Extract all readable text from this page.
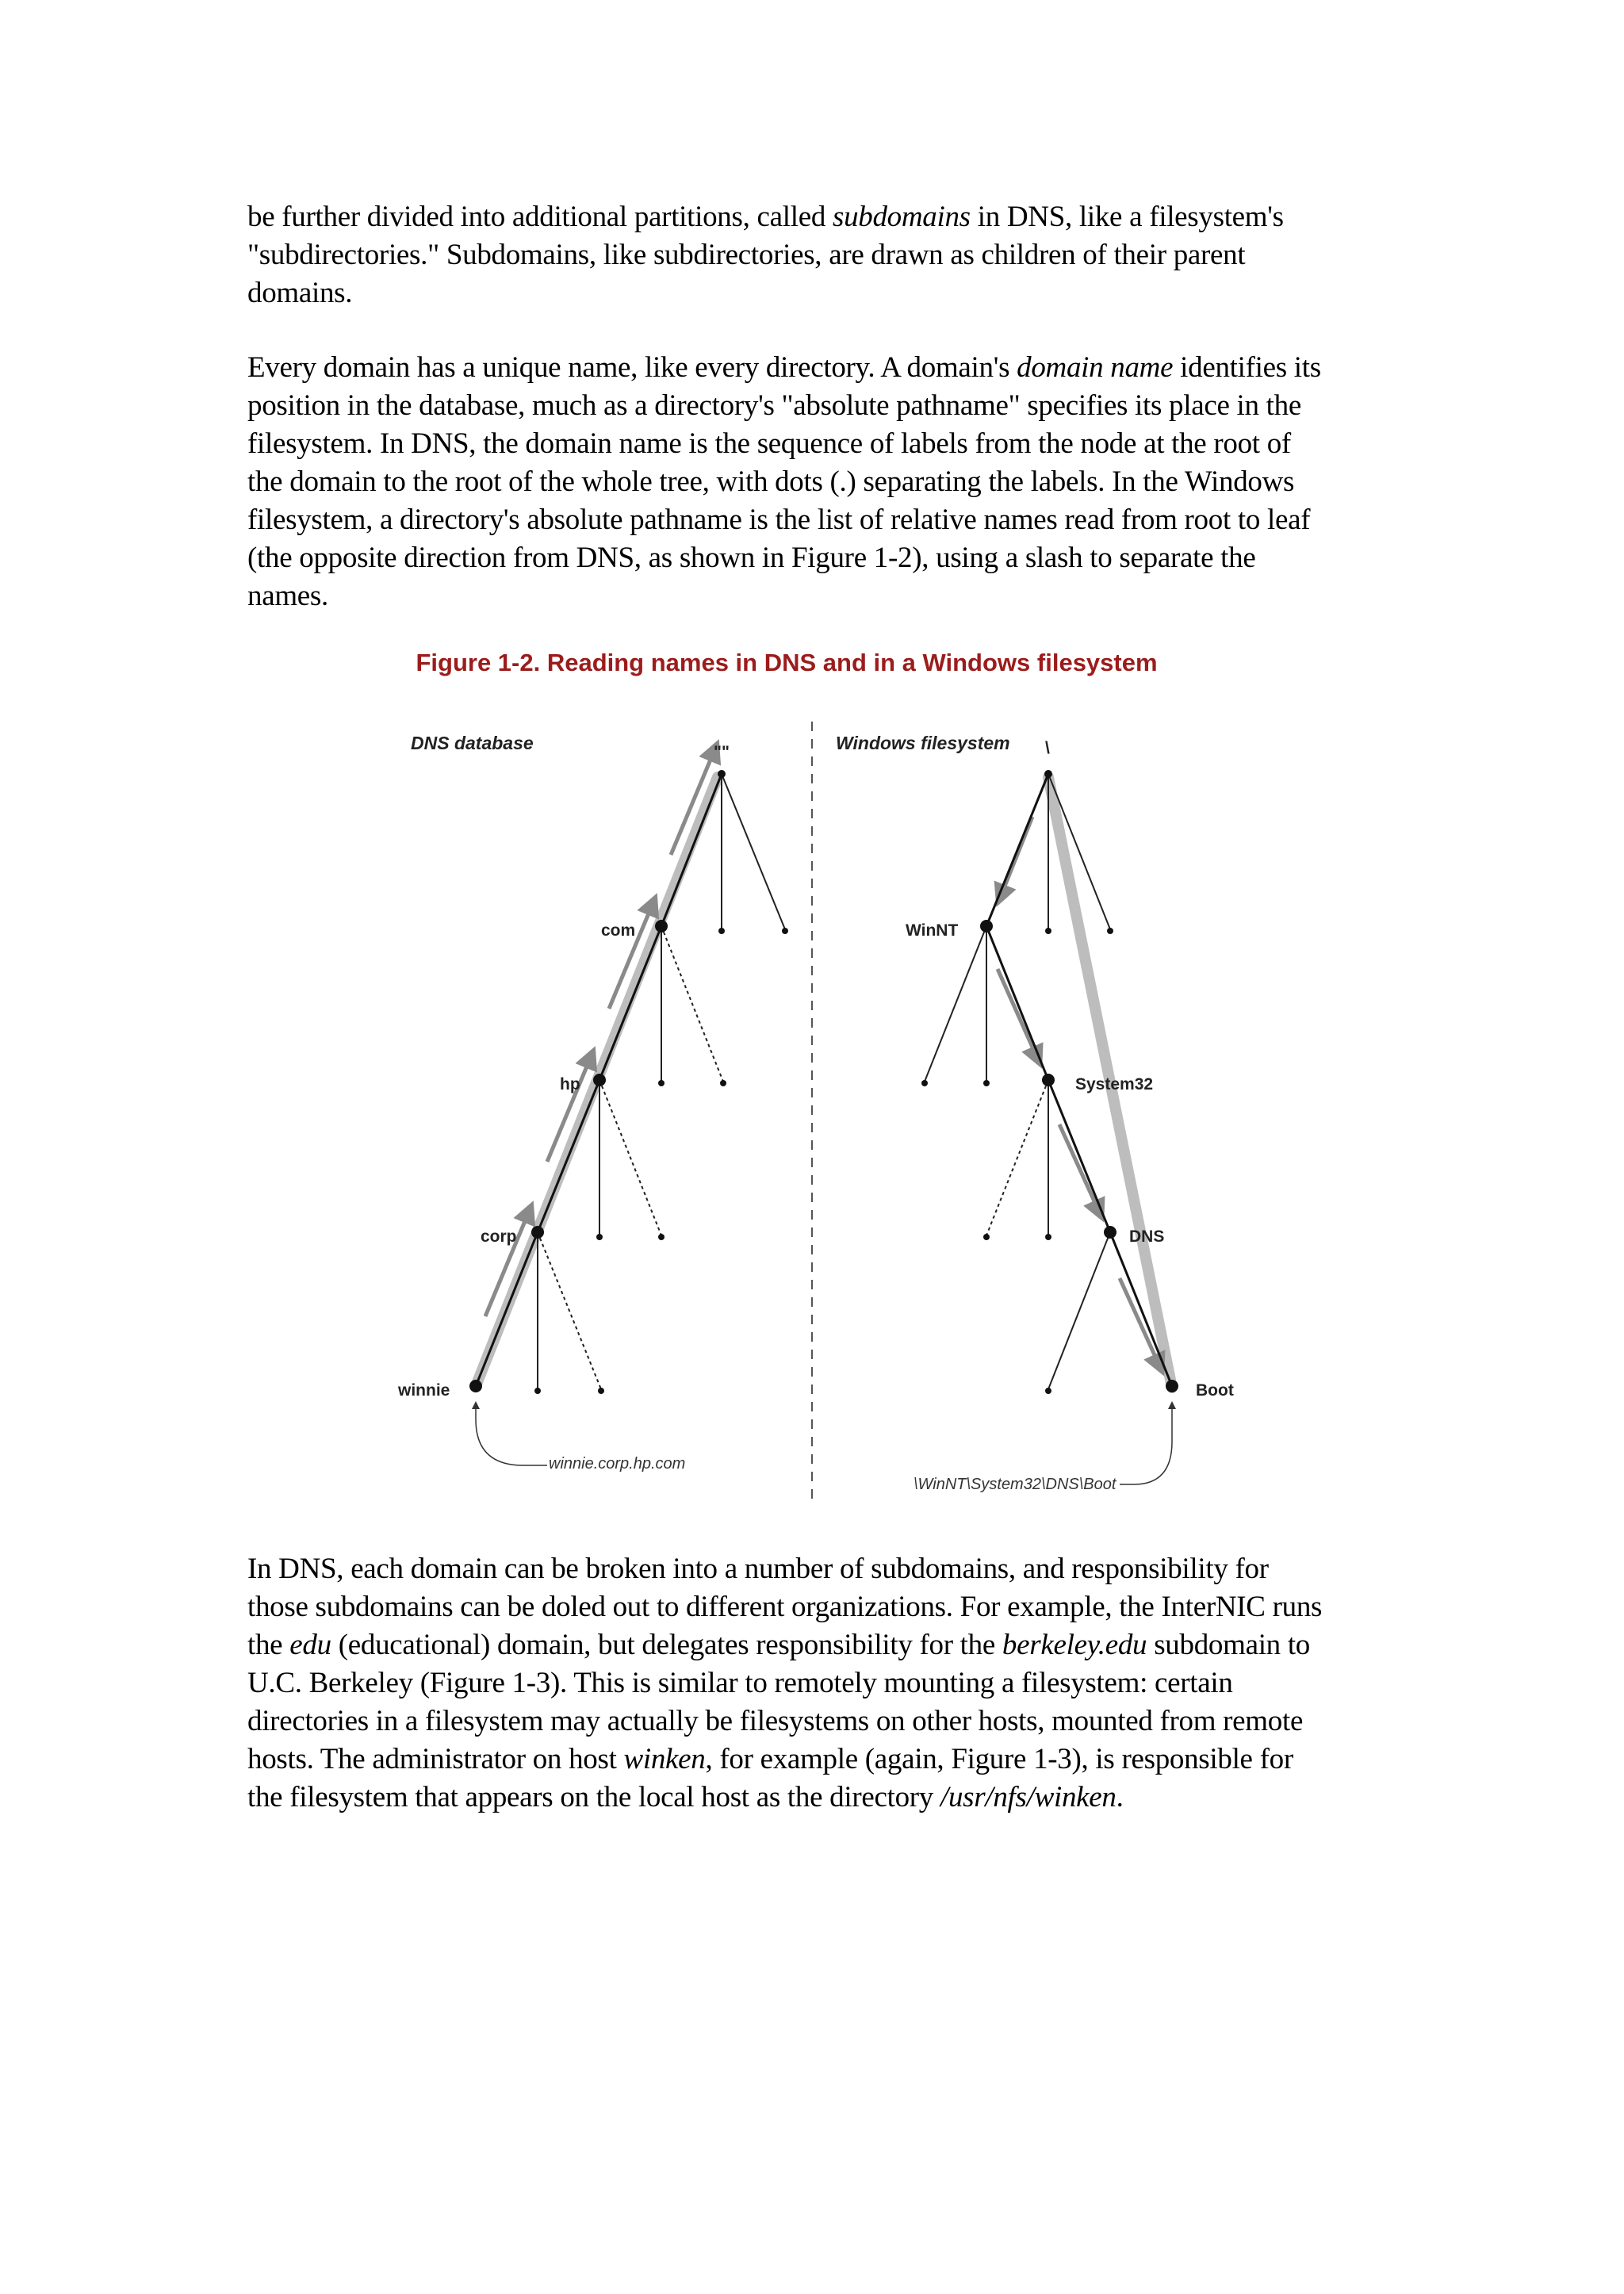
be further divided into additional partitions, called subdomains in DNS, like a filesystem's "subdirectories." Subdomains, like subdirectories, are drawn as children of their parent domains.
Every domain has a unique name, like every directory. A domain's domain name identifies its position in the database, much as a directory's "absolute pathname" specifies its place in the filesystem. In DNS, the domain name is the sequence of labels from the node at the root of the domain to the root of the whole tree, with dots (.) separating the labels. In the Windows filesystem, a directory's absolute pathname is the list of relative names read from root to leaf (the opposite direction from DNS, as shown in Figure 1-2), using a slash to separate the names.
Figure 1-2. Reading names in DNS and in a Windows filesystem
DNS database	""
com
hp
corp
winnie
winnie.corp.hp.com
Windows filesystem \
WinNT
System32
DNS
Boot
\WinNT\System32\DNS\Boot
In DNS, each domain can be broken into a number of subdomains, and responsibility for those subdomains can be doled out to different organizations. For example, the InterNIC runs the edu (educational) domain, but delegates responsibility for the berkeley.edu subdomain to U.C. Berkeley (Figure 1-3). This is similar to remotely mounting a filesystem: certain directories in a filesystem may actually be filesystems on other hosts, mounted from remote hosts. The administrator on host winken, for example (again, Figure 1-3), is responsible for the filesystem that appears on the local host as the directory /usr/nfs/winken.
